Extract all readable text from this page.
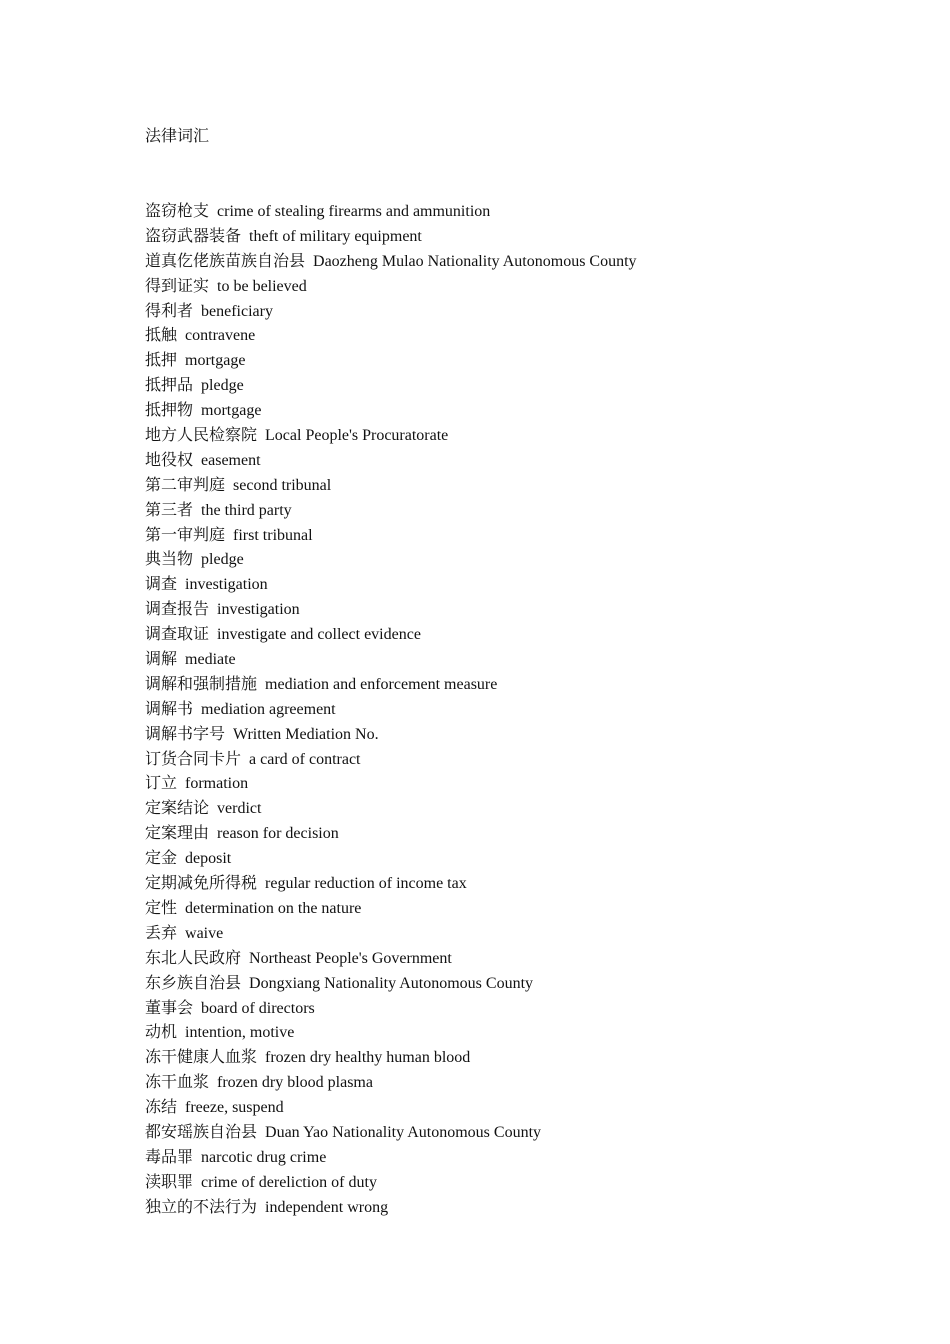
法律词汇
盗窃枪支 crime of stealing firearms and ammunition
盗窃武器装备 theft of military equipment
道真仡佬族苗族自治县 Daozheng Mulao Nationality Autonomous County
得到证实 to be believed
得利者 beneficiary
抵触 contravene
抵押 mortgage
抵押品 pledge
抵押物 mortgage
地方人民检察院 Local People's Procuratorate
地役权 easement
第二审判庭 second tribunal
第三者 the third party
第一审判庭 first tribunal
典当物 pledge
调查 investigation
调查报告 investigation
调查取证 investigate and collect evidence
调解 mediate
调解和强制措施 mediation and enforcement measure
调解书 mediation agreement
调解书字号 Written Mediation No.
订货合同卡片 a card of contract
订立 formation
定案结论 verdict
定案理由 reason for decision
定金 deposit
定期减免所得税 regular reduction of income tax
定性 determination on the nature
丢弃 waive
东北人民政府 Northeast People's Government
东乡族自治县 Dongxiang Nationality Autonomous County
董事会 board of directors
动机 intention, motive
冻干健康人血浆 frozen dry healthy human blood
冻干血浆 frozen dry blood plasma
冻结 freeze, suspend
都安瑶族自治县 Duan Yao Nationality Autonomous County
毒品罪 narcotic drug crime
渎职罪 crime of dereliction of duty
独立的不法行为 independent wrong
